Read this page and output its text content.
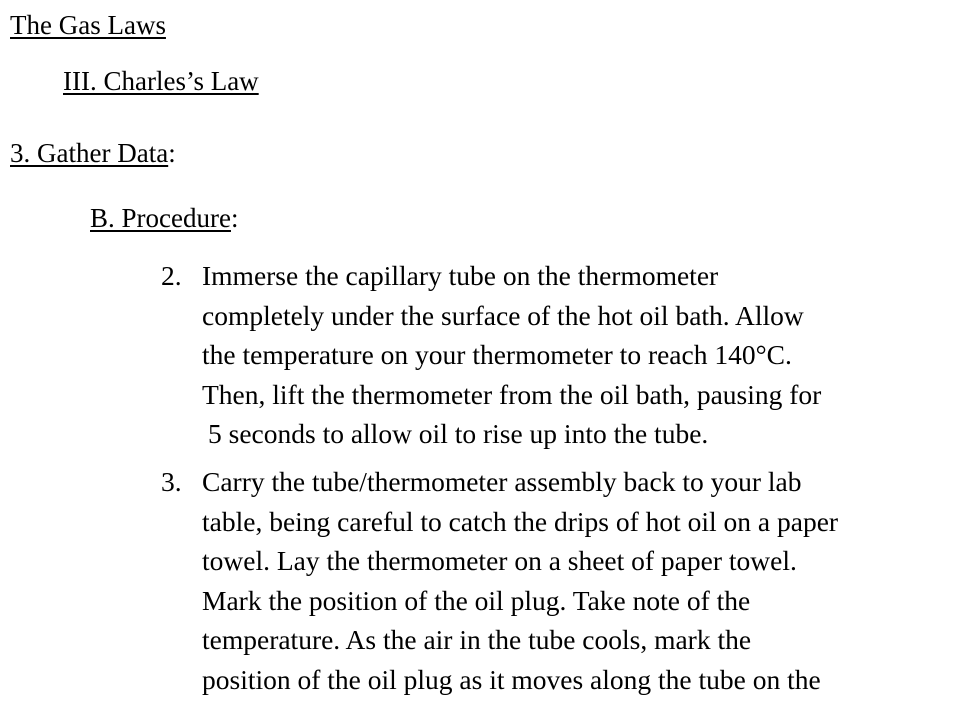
The Gas Laws
III. Charles’s Law
3. Gather Data:
B. Procedure:
2. Immerse the capillary tube on the thermometer
completely under the surface of the hot oil bath. Allow
the temperature on your thermometer to reach 140°C.
Then, lift the thermometer from the oil bath, pausing for
5 seconds to allow oil to rise up into the tube.
3. Carry the tube/thermometer assembly back to your lab
table, being careful to catch the drips of hot oil on a paper
towel. Lay the thermometer on a sheet of paper towel.
Mark the position of the oil plug. Take note of the
temperature. As the air in the tube cools, mark the
position of the oil plug as it moves along the tube on the
